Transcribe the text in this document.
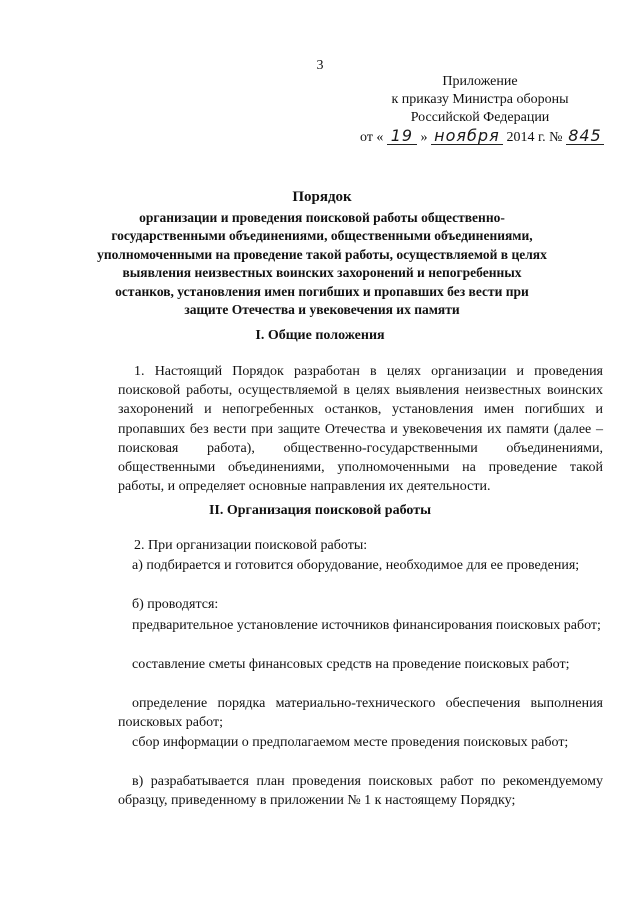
3
Приложение
к приказу Министра обороны
Российской Федерации
от « 19 » ноября 2014 г. № 845
Порядок
организации и проведения поисковой работы общественно-
государственными объединениями, общественными объединениями,
уполномоченными на проведение такой работы, осуществляемой в целях
выявления неизвестных воинских захоронений и непогребенных
останков, установления имен погибших и пропавших без вести при
защите Отечества и увековечения их памяти
I. Общие положения
1. Настоящий Порядок разработан в целях организации и проведения поисковой работы, осуществляемой в целях выявления неизвестных воинских захоронений и непогребенных останков, установления имен погибших и пропавших без вести при защите Отечества и увековечения их памяти (далее – поисковая работа), общественно-государственными объединениями, общественными объединениями, уполномоченными на проведение такой работы, и определяет основные направления их деятельности.
II. Организация поисковой работы
2. При организации поисковой работы:
а) подбирается и готовится оборудование, необходимое для ее проведения;
б) проводятся:
предварительное установление источников финансирования поисковых работ;
составление сметы финансовых средств на проведение поисковых работ;
определение порядка материально-технического обеспечения выполнения поисковых работ;
сбор информации о предполагаемом месте проведения поисковых работ;
в) разрабатывается план проведения поисковых работ по рекомендуемому образцу, приведенному в приложении № 1 к настоящему Порядку;
